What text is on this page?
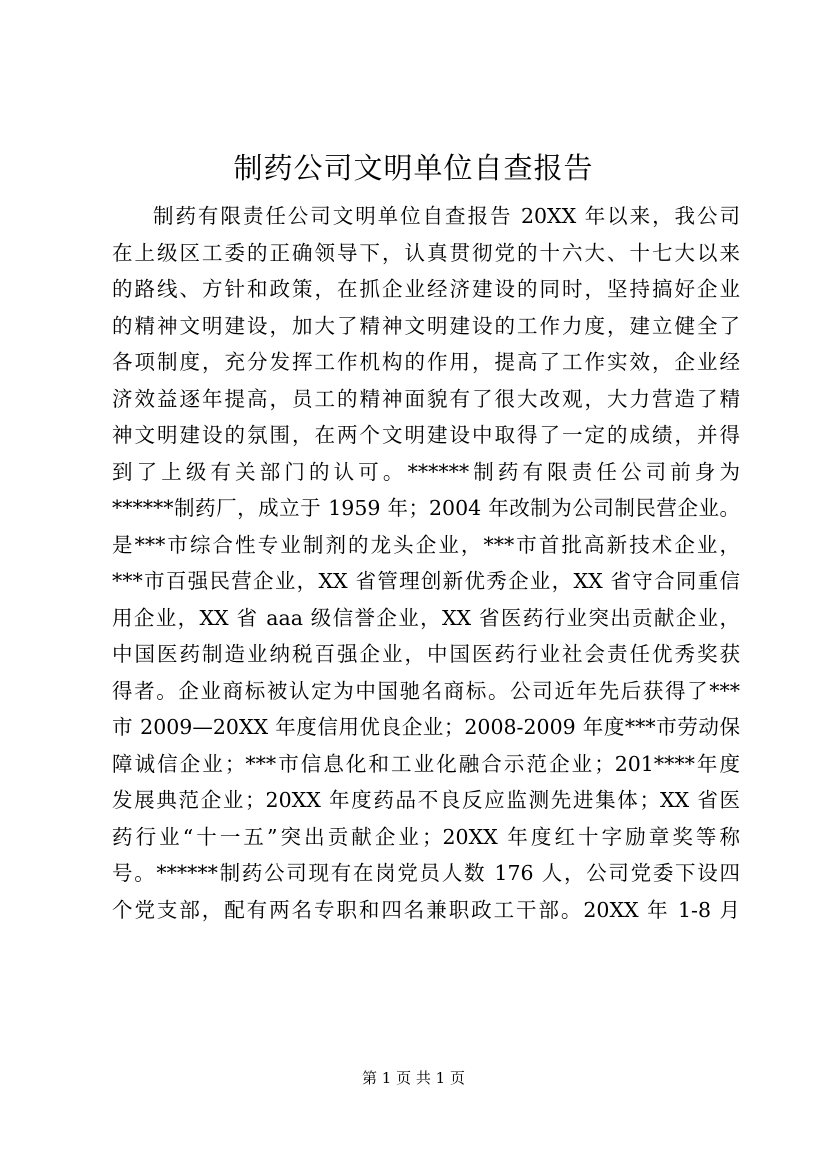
制药公司文明单位自查报告
制药有限责任公司文明单位自查报告 20XX 年以来，我公司
在上级区工委的正确领导下，认真贯彻党的十六大、十七大以来
的路线、方针和政策，在抓企业经济建设的同时，坚持搞好企业
的精神文明建设，加大了精神文明建设的工作力度，建立健全了
各项制度，充分发挥工作机构的作用，提高了工作实效，企业经
济效益逐年提高，员工的精神面貌有了很大改观，大力营造了精
神文明建设的氛围，在两个文明建设中取得了一定的成绩，并得
到了上级有关部门的认可。******制药有限责任公司前身为
******制药厂，成立于 1959 年；2004 年改制为公司制民营企业。
是***市综合性专业制剂的龙头企业，***市首批高新技术企业，
***市百强民营企业，XX 省管理创新优秀企业，XX 省守合同重信
用企业，XX 省 aaa 级信誉企业，XX 省医药行业突出贡献企业，
中国医药制造业纳税百强企业，中国医药行业社会责任优秀奖获
得者。企业商标被认定为中国驰名商标。公司近年先后获得了***
市 2009—20XX 年度信用优良企业；2008-2009 年度***市劳动保
障诚信企业；***市信息化和工业化融合示范企业；201****年度
发展典范企业；20XX 年度药品不良反应监测先进集体；XX 省医
药行业“十一五”突出贡献企业；20XX 年度红十字励章奖等称
号。******制药公司现有在岗党员人数 176 人，公司党委下设四
个党支部，配有两名专职和四名兼职政工干部。20XX 年 1-8 月
第 1 页 共 1 页
